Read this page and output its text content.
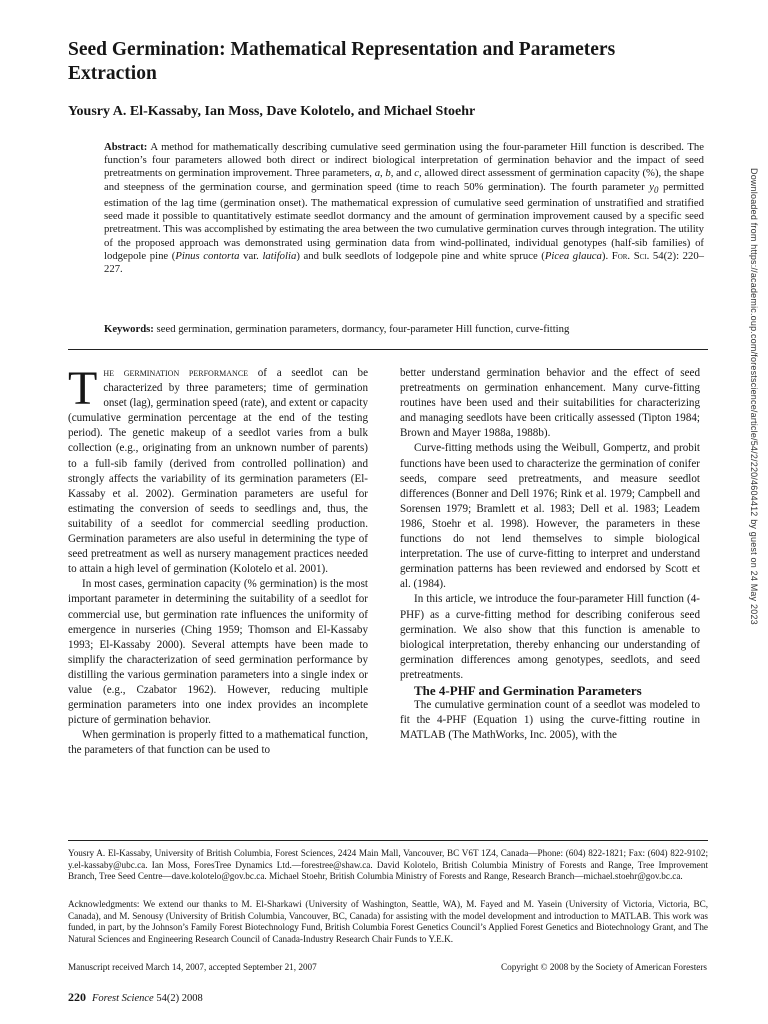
Seed Germination: Mathematical Representation and Parameters Extraction

Yousry A. El-Kassaby, Ian Moss, Dave Kolotelo, and Michael Stoehr

Abstract: A method for mathematically describing cumulative seed germination using the four-parameter Hill function is described. The function’s four parameters allowed both direct or indirect biological interpretation of germination behavior and the impact of seed pretreatments on germination improvement. Three parameters, a, b, and c, allowed direct assessment of germination capacity (%), the shape and steepness of the germination course, and germination speed (time to reach 50% germination). The fourth parameter $y_0$ permitted estimation of the lag time (germination onset). The mathematical expression of cumulative seed germination of unstratified and stratified seed made it possible to quantitatively estimate seedlot dormancy and the amount of germination improvement caused by a specific seed pretreatment. This was accomplished by estimating the area between the two cumulative germination curves through integration. The utility of the proposed approach was demonstrated using germination data from wind-pollinated, individual genotypes (half-sib families) of lodgepole pine (Pinus contorta var. latifolia) and bulk seedlots of lodgepole pine and white spruce (Picea glauca). For. Sci. 54(2): 220–227.

Keywords: seed germination, germination parameters, dormancy, four-parameter Hill function, curve-fitting

The germination performance of a seedlot can be characterized by three parameters; time of germination onset (lag), germination speed (rate), and extent or capacity (cumulative germination percentage at the end of the testing period). The genetic makeup of a seedlot varies from a bulk collection (e.g., originating from an unknown number of parents) to a full-sib family (derived from controlled pollination) and strongly affects the variability of its germination parameters (El-Kassaby et al. 2002). Germination parameters are useful for estimating the conversion of seeds to seedlings and, thus, the suitability of a seedlot for commercial seedling production. Germination parameters are also useful in determining the type of seed pretreatment as well as nursery management practices needed to attain a high level of germination (Kolotelo et al. 2001).

In most cases, germination capacity (% germination) is the most important parameter in determining the suitability of a seedlot for commercial use, but germination rate influences the uniformity of emergence in nurseries (Ching 1959; Thomson and El-Kassaby 1993; El-Kassaby 2000). Several attempts have been made to simplify the characterization of seed germination performance by distilling the various germination parameters into a single index or value (e.g., Czabator 1962). However, reducing multiple germination parameters into one index provides an incomplete picture of germination behavior.

When germination is properly fitted to a mathematical function, the parameters of that function can be used to

better understand germination behavior and the effect of seed pretreatments on germination enhancement. Many curve-fitting routines have been used and their suitabilities for characterizing and managing seedlots have been critically assessed (Tipton 1984; Brown and Mayer 1988a, 1988b).

Curve-fitting methods using the Weibull, Gompertz, and probit functions have been used to characterize the germination of conifer seeds, compare seed pretreatments, and measure seedlot differences (Bonner and Dell 1976; Rink et al. 1979; Campbell and Sorensen 1979; Bramlett et al. 1983; Dell et al. 1983; Leadem 1986, Stoehr et al. 1998). However, the parameters in these functions do not lend themselves to simple biological interpretation. The use of curve-fitting to interpret and understand germination patterns has been reviewed and endorsed by Scott et al. (1984).

In this article, we introduce the four-parameter Hill function (4-PHF) as a curve-fitting method for describing coniferous seed germination. We also show that this function is amenable to biological interpretation, thereby enhancing our understanding of germination differences among genotypes, seedlots, and seed pretreatments.

The 4-PHF and Germination Parameters

The cumulative germination count of a seedlot was modeled to fit the 4-PHF (Equation 1) using the curve-fitting routine in MATLAB (The MathWorks, Inc. 2005), with the

Yousry A. El-Kassaby, University of British Columbia, Forest Sciences, 2424 Main Mall, Vancouver, BC V6T 1Z4, Canada—Phone: (604) 822-1821; Fax: (604) 822-9102; y.el-kassaby@ubc.ca. Ian Moss, ForesTree Dynamics Ltd.—forestree@shaw.ca. David Kolotelo, British Columbia Ministry of Forests and Range, Tree Improvement Branch, Tree Seed Centre—dave.kolotelo@gov.bc.ca. Michael Stoehr, British Columbia Ministry of Forests and Range, Research Branch—michael.stoehr@gov.bc.ca.

Acknowledgments: We extend our thanks to M. El-Sharkawi (University of Washington, Seattle, WA), M. Fayed and M. Yasein (University of Victoria, Victoria, BC, Canada), and M. Senousy (University of British Columbia, Vancouver, BC, Canada) for assisting with the model development and introduction to MATLAB. This work was funded, in part, by the Johnson’s Family Forest Biotechnology Fund, British Columbia Forest Genetics Council’s Applied Forest Genetics and Biotechnology Grant, and The Natural Sciences and Engineering Research Council of Canada-Industry Research Chair Funds to Y.E.K.

Manuscript received March 14, 2007, accepted September 21, 2007	Copyright © 2008 by the Society of American Foresters

220 Forest Science 54(2) 2008

Downloaded from https://academic.oup.com/forestscience/article/54/2/220/4604412 by guest on 24 May 2023
